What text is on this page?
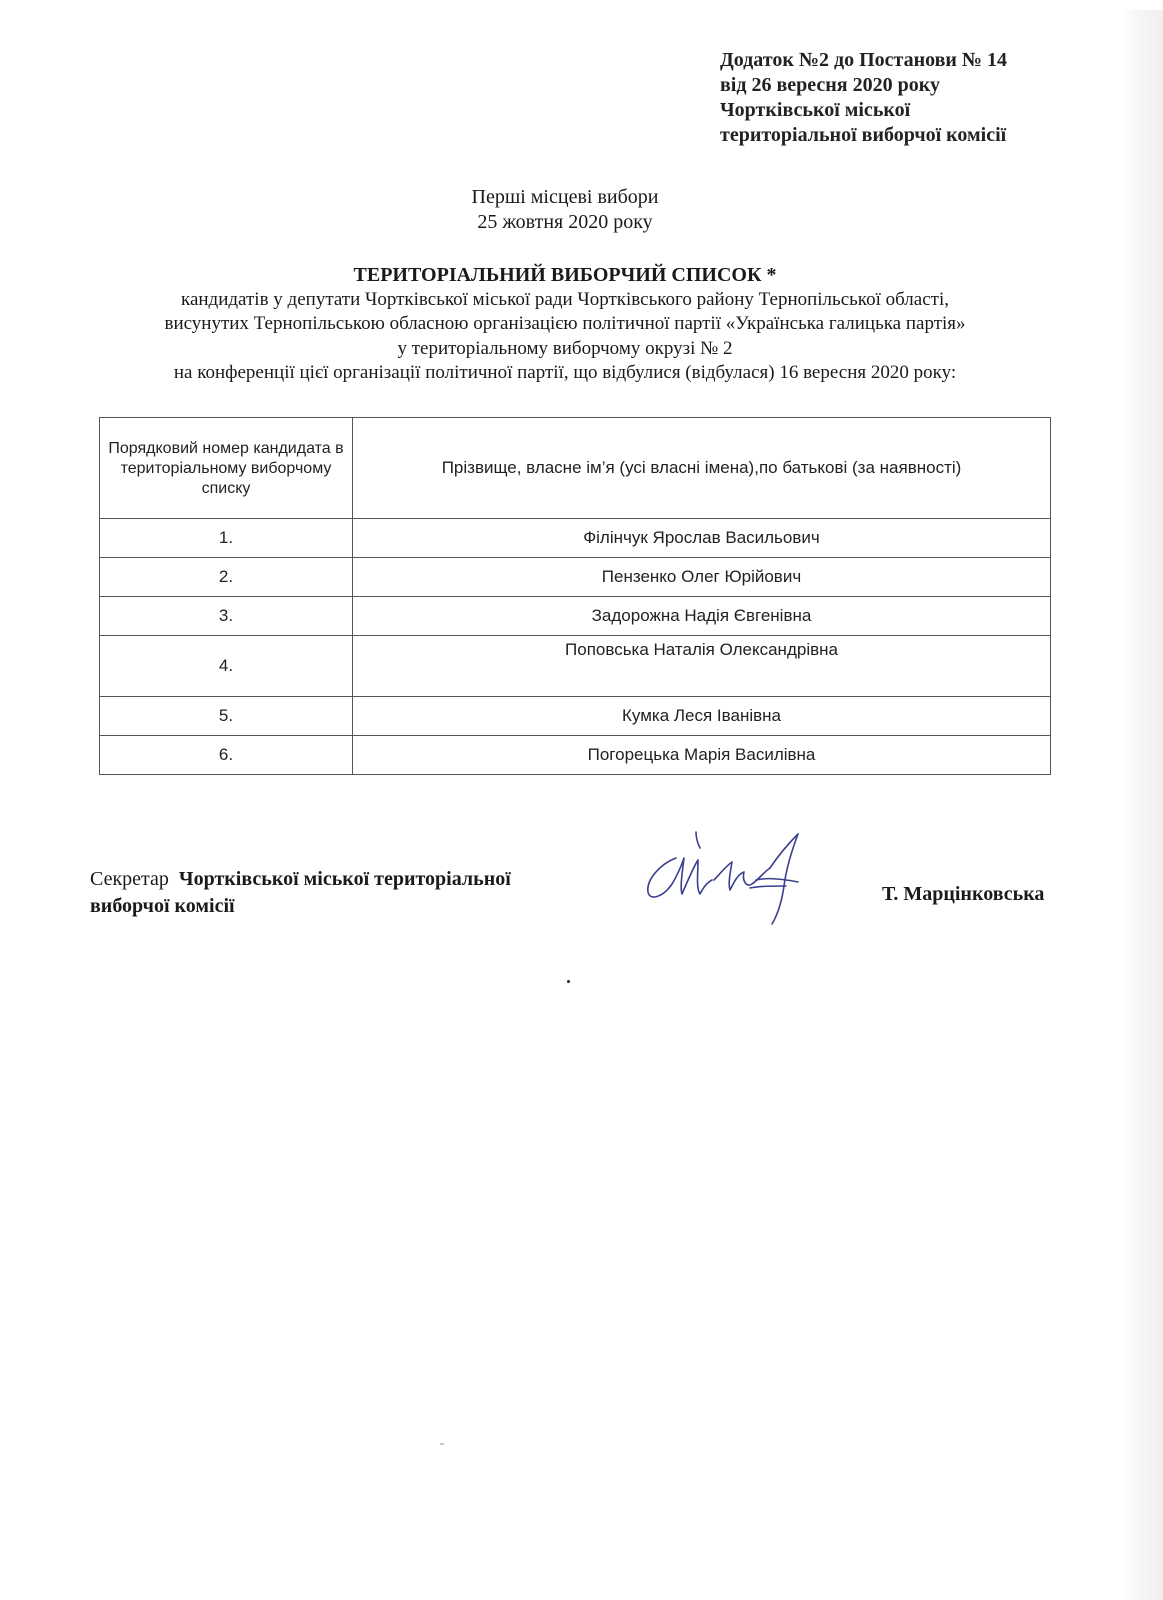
Додаток №2 до Постанови № 14
від 26 вересня 2020 року
Чортківської міської
територіальної виборчої комісії
Перші місцеві вибори
25 жовтня 2020 року
ТЕРИТОРІАЛЬНИЙ ВИБОРЧИЙ СПИСОК *
кандидатів у депутати Чортківської міської ради Чортківського району Тернопільської області,
висунутих Тернопільською обласною організацією політичної партії «Українська галицька партія»
у територіальному виборчому окрузі № 2
на конференції цієї організації політичної партії, що відбулися (відбулася) 16 вересня 2020 року:
Порядковий номер кандидата в територіальному виборчому списку	Прізвище, власне ім’я (усі власні імена),по батькові (за наявності)
1.	Філінчук Ярослав Васильович
2.	Пензенко Олег Юрійович
3.	Задорожна Надія Євгенівна
4.	Поповська Наталія Олександрівна
5.	Кумка Леся Іванівна
6.	Погорецька Марія Василівна
Секретар Чортківської міської територіальної
виборчої комісії
Т. Марцінковська
